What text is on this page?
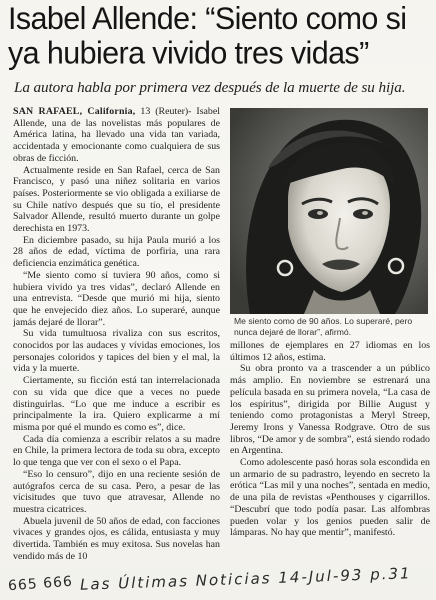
Isabel Allende: “Siento como si
ya hubiera vivido tres vidas”
La autora habla por primera vez después de la muerte de su hija.

SAN RAFAEL, California, 13 (Reuter)- Isabel Allende, una de las novelistas más populares de América latina, ha llevado una vida tan variada, accidentada y emocionante como cualquiera de sus obras de ficción.

Actualmente reside en San Rafael, cerca de San Francisco, y pasó una niñez solitaria en varios países. Posteriormente se vio obligada a exiliarse de su Chile natívo después que su tío, el presidente Salvador Allende, resultó muerto durante un golpe derechista en 1973.

En diciembre pasado, su hija Paula murió a los 28 años de edad, víctima de porfiria, una rara deficiencia enzimática genética.

“Me siento como si tuviera 90 años, como si hubiera vivido ya tres vidas”, declaró Allende en una entrevista. “Desde que murió mi hija, siento que he envejecido diez años. Lo superaré, aunque jamás dejaré de llorar”.

Su vida tumultuosa rivaliza con sus escritos, conocidos por las audaces y vívidas emociones, los personajes coloridos y tapices del bien y el mal, la vida y la muerte.

Ciertamente, su ficción está tan interrelacionada con su vida que dice que a veces no puede distinguirlas. “Lo que me induce a escribir es principalmente la ira. Quiero explicarme a mí misma por qué el mundo es como es”, dice.

Cada día comienza a escribir relatos a su madre en Chile, la primera lectora de toda su obra, excepto lo que tenga que ver con el sexo o el Papa.

“Eso lo censuro”, dijo en una reciente sesión de autógrafos cerca de su casa. Pero, a pesar de las vicisitudes que tuvo que atravesar, Allende no muestra cicatrices.

Abuela juvenil de 50 años de edad, con facciones vivaces y grandes ojos, es cálida, entusiasta y muy divertida. También es muy exitosa. Sus novelas han vendido más de 10

Me siento como de 90 años. Lo superaré, pero nunca dejaré de llorar”, afirmó.

millones de ejemplares en 27 idiomas en los últimos 12 años, estima.

Su obra pronto va a trascender a un público más amplio. En noviembre se estrenará una película basada en su primera novela, “La casa de los espíritus”, dirigida por Billie August y teniendo como protagonistas a Meryl Streep, Jeremy Irons y Vanessa Rodgrave. Otro de sus libros, “De amor y de sombra”, está siendo rodado en Argentina.

Como adolescente pasó horas sola escondida en un armario de su padrastro, leyendo en secreto la erótica “Las mil y una noches”, sentada en medio, de una pila de revistas «Penthouses y cigarrillos. “Descubrí que todo podía pasar. Las alfombras pueden volar y los genios pueden salir de lámparas. No hay que mentir”, manifestó.

665 666 Las Últimas Noticias 14-Jul-93 p.31
